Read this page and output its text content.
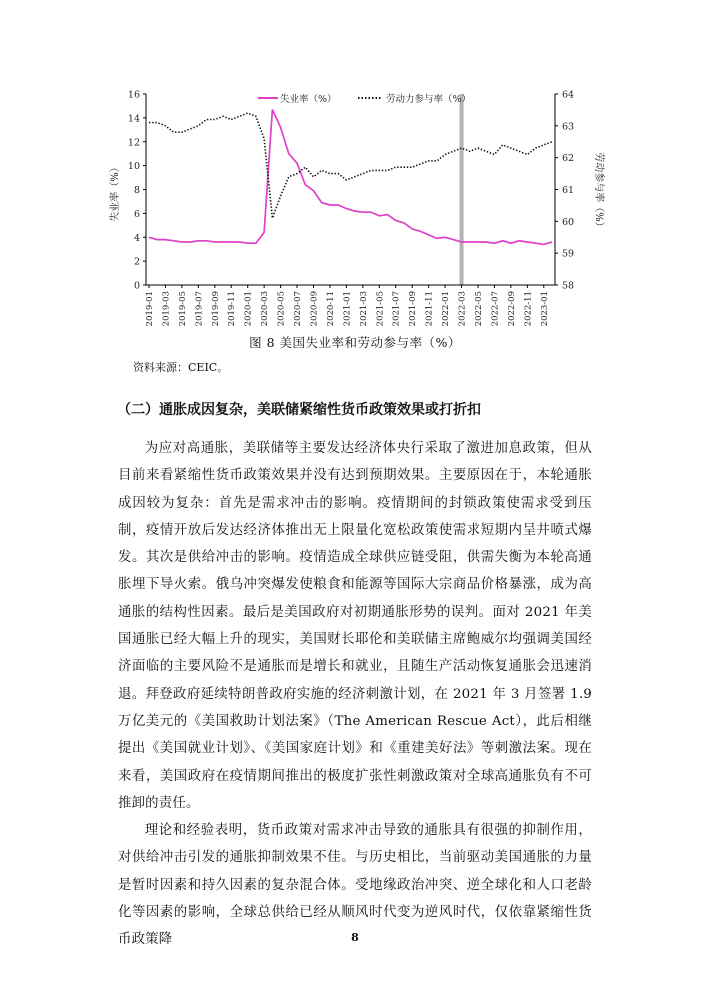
0
2
4
6
8
10
12
14
16
58
59
60
61
62
63
64
2019-01 2019-03 2019-05 2019-07 2019-09 2019-11 2020-01 2020-03 2020-05 2020-07 2020-09 2020-11 2021-01 2021-03 2021-05 2021-07 2021-09 2021-11 2022-01 2022-03 2022-05 2022-07 2022-09 2022-11 2023-01
失业率（%）	劳动力参与率（%）
失业率（%）	劳动参与率（%）
图 8 美国失业率和劳动参与率（%）
资料来源：CEIC。
（二）通胀成因复杂，美联储紧缩性货币政策效果或打折扣

为应对高通胀，美联储等主要发达经济体央行采取了激进加息政策，但从目前来看紧缩性货币政策效果并没有达到预期效果。主要原因在于，本轮通胀成因较为复杂：首先是需求冲击的影响。疫情期间的封锁政策使需求受到压制，疫情开放后发达经济体推出无上限量化宽松政策使需求短期内呈井喷式爆发。其次是供给冲击的影响。疫情造成全球供应链受阻，供需失衡为本轮高通胀埋下导火索。俄乌冲突爆发使粮食和能源等国际大宗商品价格暴涨，成为高通胀的结构性因素。最后是美国政府对初期通胀形势的误判。面对 2021 年美国通胀已经大幅上升的现实，美国财长耶伦和美联储主席鲍威尔均强调美国经济面临的主要风险不是通胀而是增长和就业，且随生产活动恢复通胀会迅速消退。拜登政府延续特朗普政府实施的经济刺激计划，在 2021 年 3 月签署 1.9 万亿美元的《美国救助计划法案》（The American Rescue Act），此后相继提出《美国就业计划》、《美国家庭计划》和《重建美好法》等刺激法案。现在来看，美国政府在疫情期间推出的极度扩张性刺激政策对全球高通胀负有不可推卸的责任。

理论和经验表明，货币政策对需求冲击导致的通胀具有很强的抑制作用，对供给冲击引发的通胀抑制效果不佳。与历史相比，当前驱动美国通胀的力量是暂时因素和持久因素的复杂混合体。受地缘政治冲突、逆全球化和人口老龄化等因素的影响，全球总供给已经从顺风时代变为逆风时代，仅依靠紧缩性货币政策降	8
